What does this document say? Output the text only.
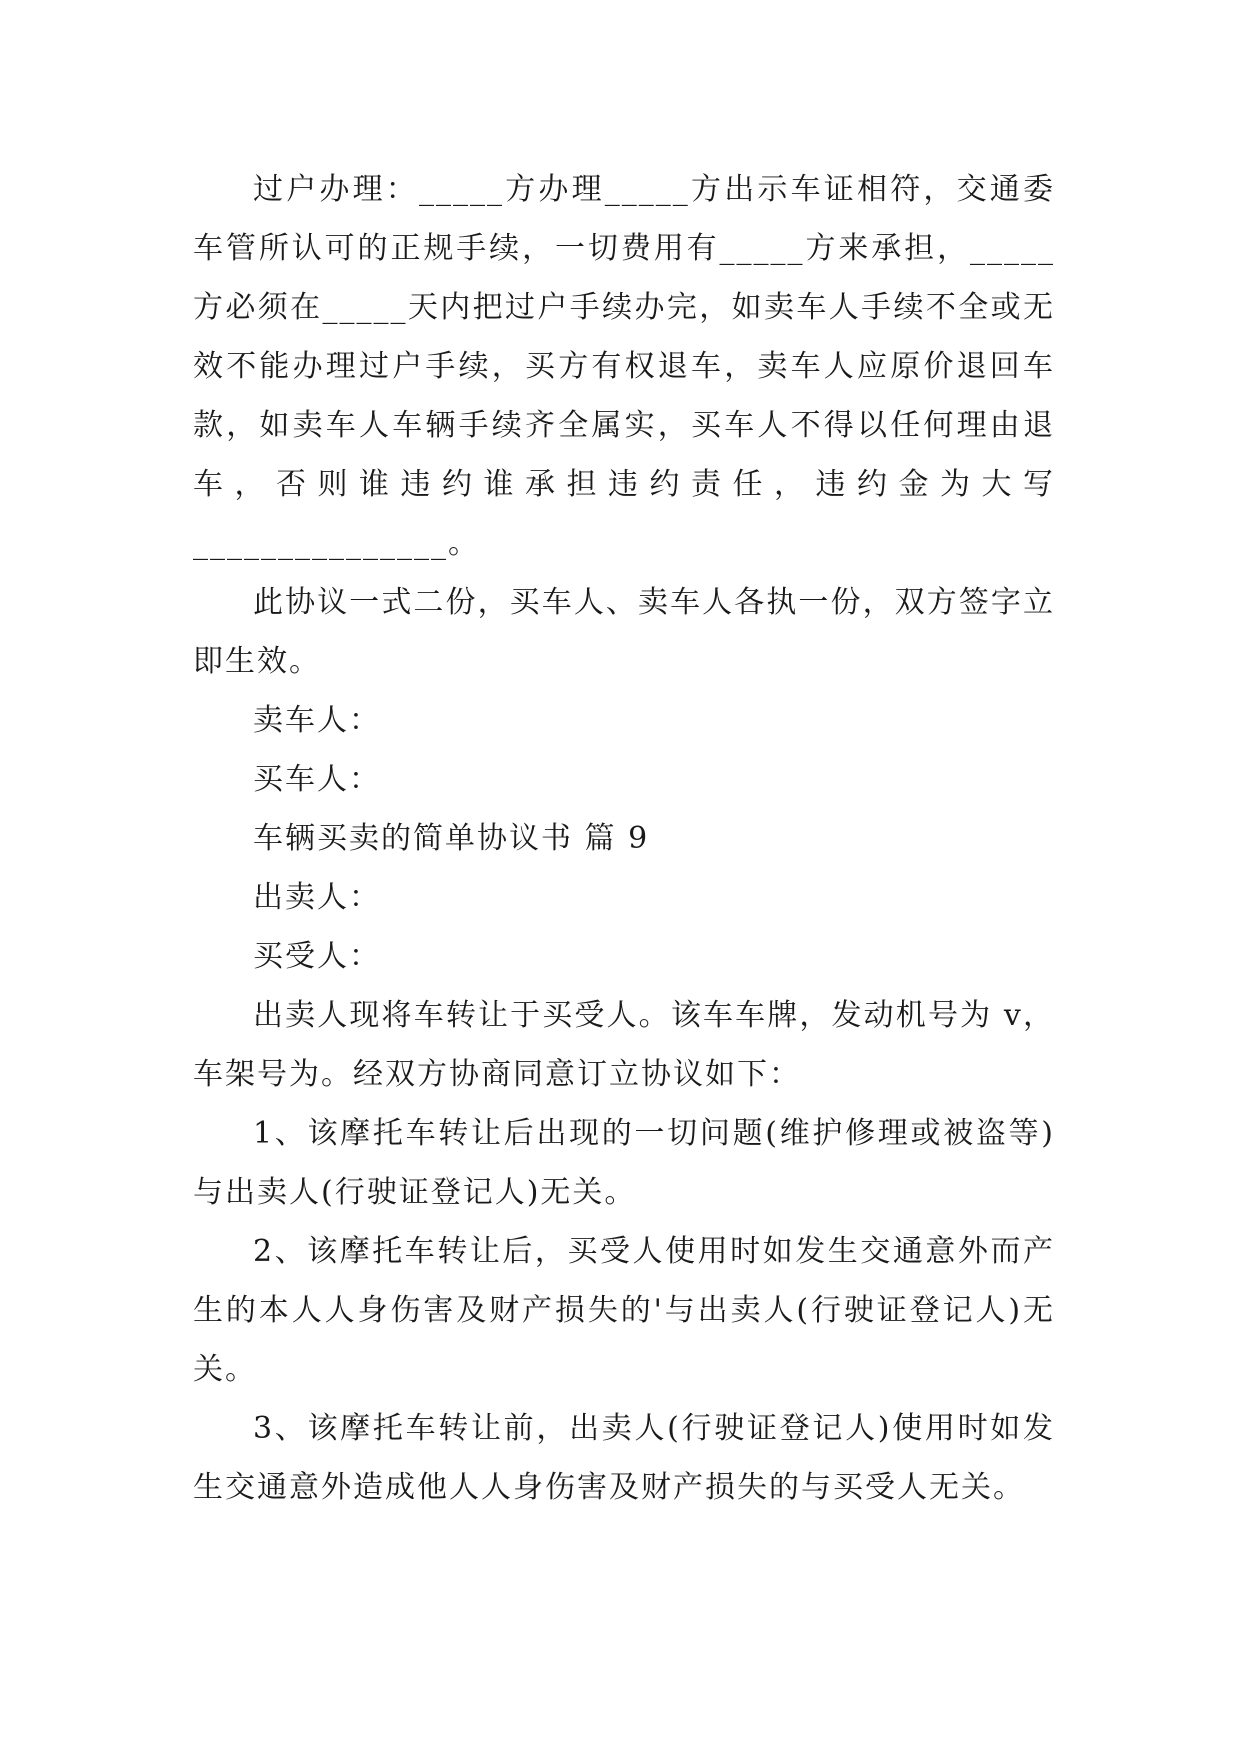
过户办理：_____方办理_____方出示车证相符，交通委车管所认可的正规手续，一切费用有_____方来承担，_____方必须在_____天内把过户手续办完，如卖车人手续不全或无效不能办理过户手续，买方有权退车，卖车人应原价退回车款，如卖车人车辆手续齐全属实，买车人不得以任何理由退车，否则谁违约谁承担违约责任，违约金为大写_______________。

此协议一式二份，买车人、卖车人各执一份，双方签字立即生效。

卖车人：

买车人：

车辆买卖的简单协议书 篇 9

出卖人：

买受人：

出卖人现将车转让于买受人。该车车牌，发动机号为 v，车架号为。经双方协商同意订立协议如下：

1、该摩托车转让后出现的一切问题(维护修理或被盗等)与出卖人(行驶证登记人)无关。

2、该摩托车转让后，买受人使用时如发生交通意外而产生的本人人身伤害及财产损失的'与出卖人(行驶证登记人)无关。

3、该摩托车转让前，出卖人(行驶证登记人)使用时如发生交通意外造成他人人身伤害及财产损失的与买受人无关。
